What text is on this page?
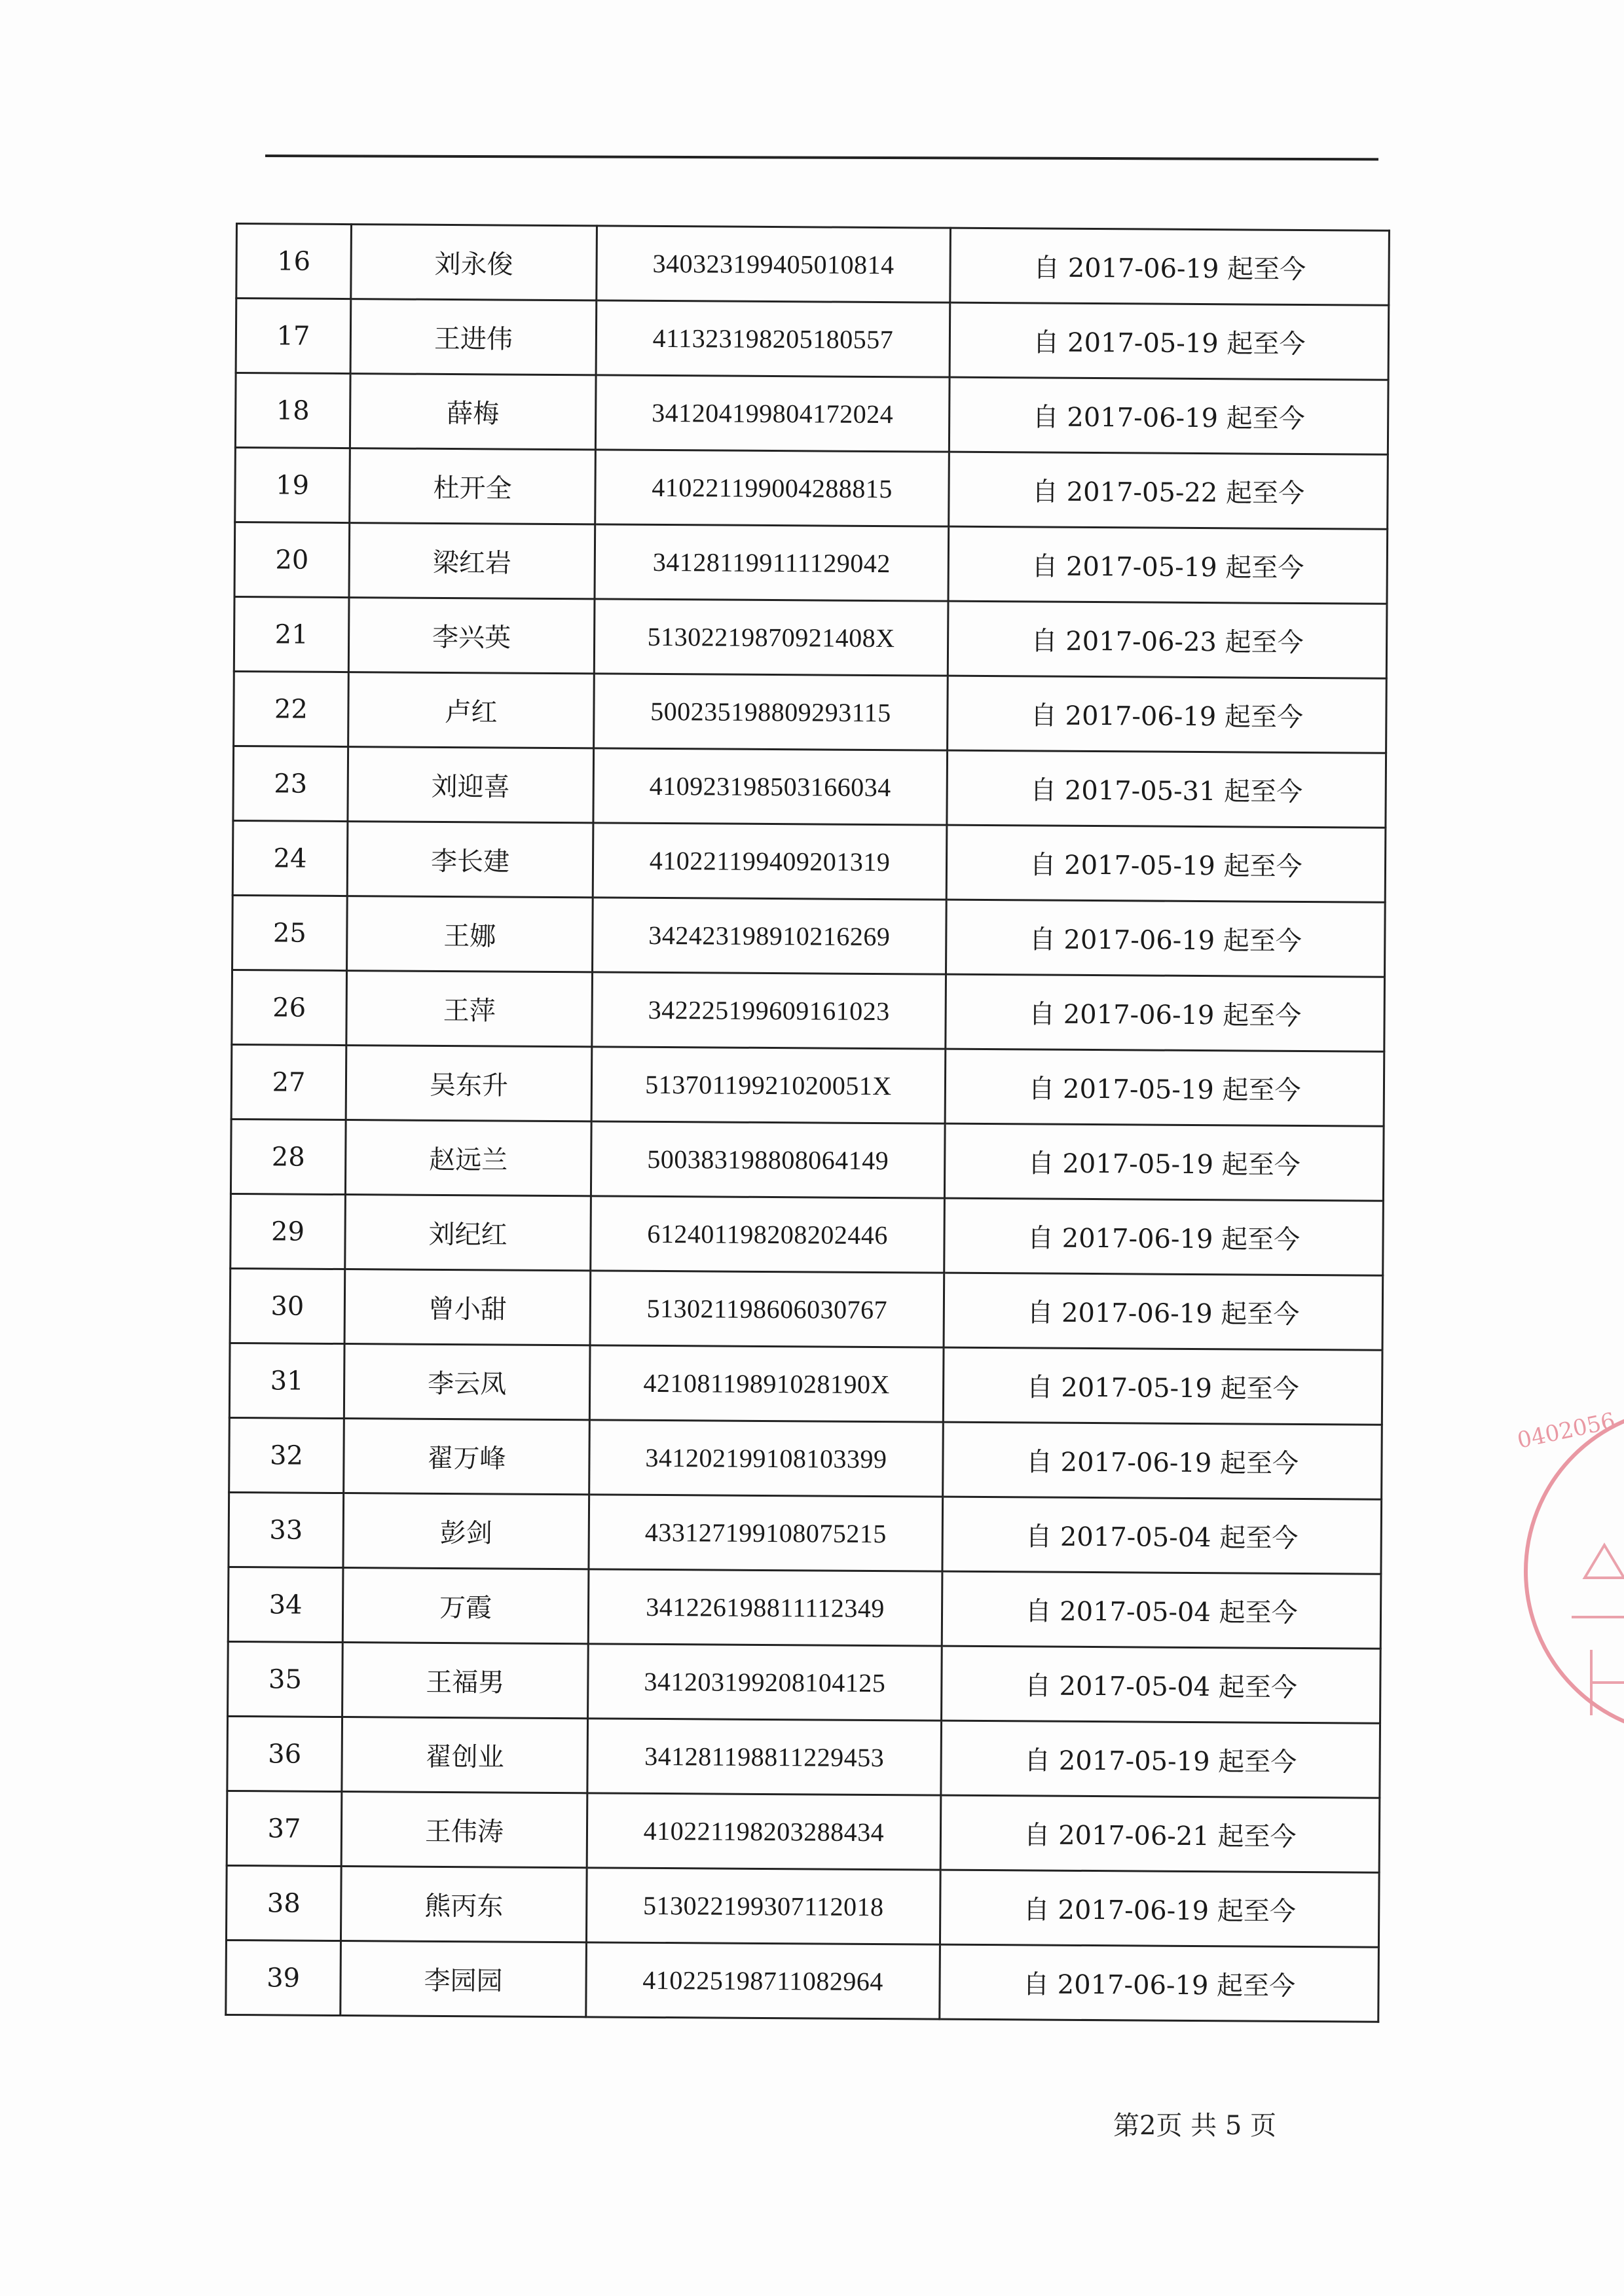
16	刘永俊	340323199405010814	自 2017-06-19 起至今
17	王进伟	411323198205180557	自 2017-05-19 起至今
18	薛梅	341204199804172024	自 2017-06-19 起至今
19	杜开全	410221199004288815	自 2017-05-22 起至今
20	梁红岩	341281199111129042	自 2017-05-19 起至今
21	李兴英	51302219870921408X	自 2017-06-23 起至今
22	卢红	500235198809293115	自 2017-06-19 起至今
23	刘迎喜	410923198503166034	自 2017-05-31 起至今
24	李长建	410221199409201319	自 2017-05-19 起至今
25	王娜	342423198910216269	自 2017-06-19 起至今
26	王萍	342225199609161023	自 2017-06-19 起至今
27	吴东升	51370119921020051X	自 2017-05-19 起至今
28	赵远兰	500383198808064149	自 2017-05-19 起至今
29	刘纪红	612401198208202446	自 2017-06-19 起至今
30	曾小甜	513021198606030767	自 2017-06-19 起至今
31	李云凤	42108119891028190X	自 2017-05-19 起至今
32	翟万峰	341202199108103399	自 2017-06-19 起至今
33	彭剑	433127199108075215	自 2017-05-04 起至今
34	万霞	341226198811112349	自 2017-05-04 起至今
35	王福男	341203199208104125	自 2017-05-04 起至今
36	翟创业	341281198811229453	自 2017-05-19 起至今
37	王伟涛	410221198203288434	自 2017-06-21 起至今
38	熊丙东	513022199307112018	自 2017-06-19 起至今
39	李园园	410225198711082964	自 2017-06-19 起至今
0402056
第2页 共 5 页
